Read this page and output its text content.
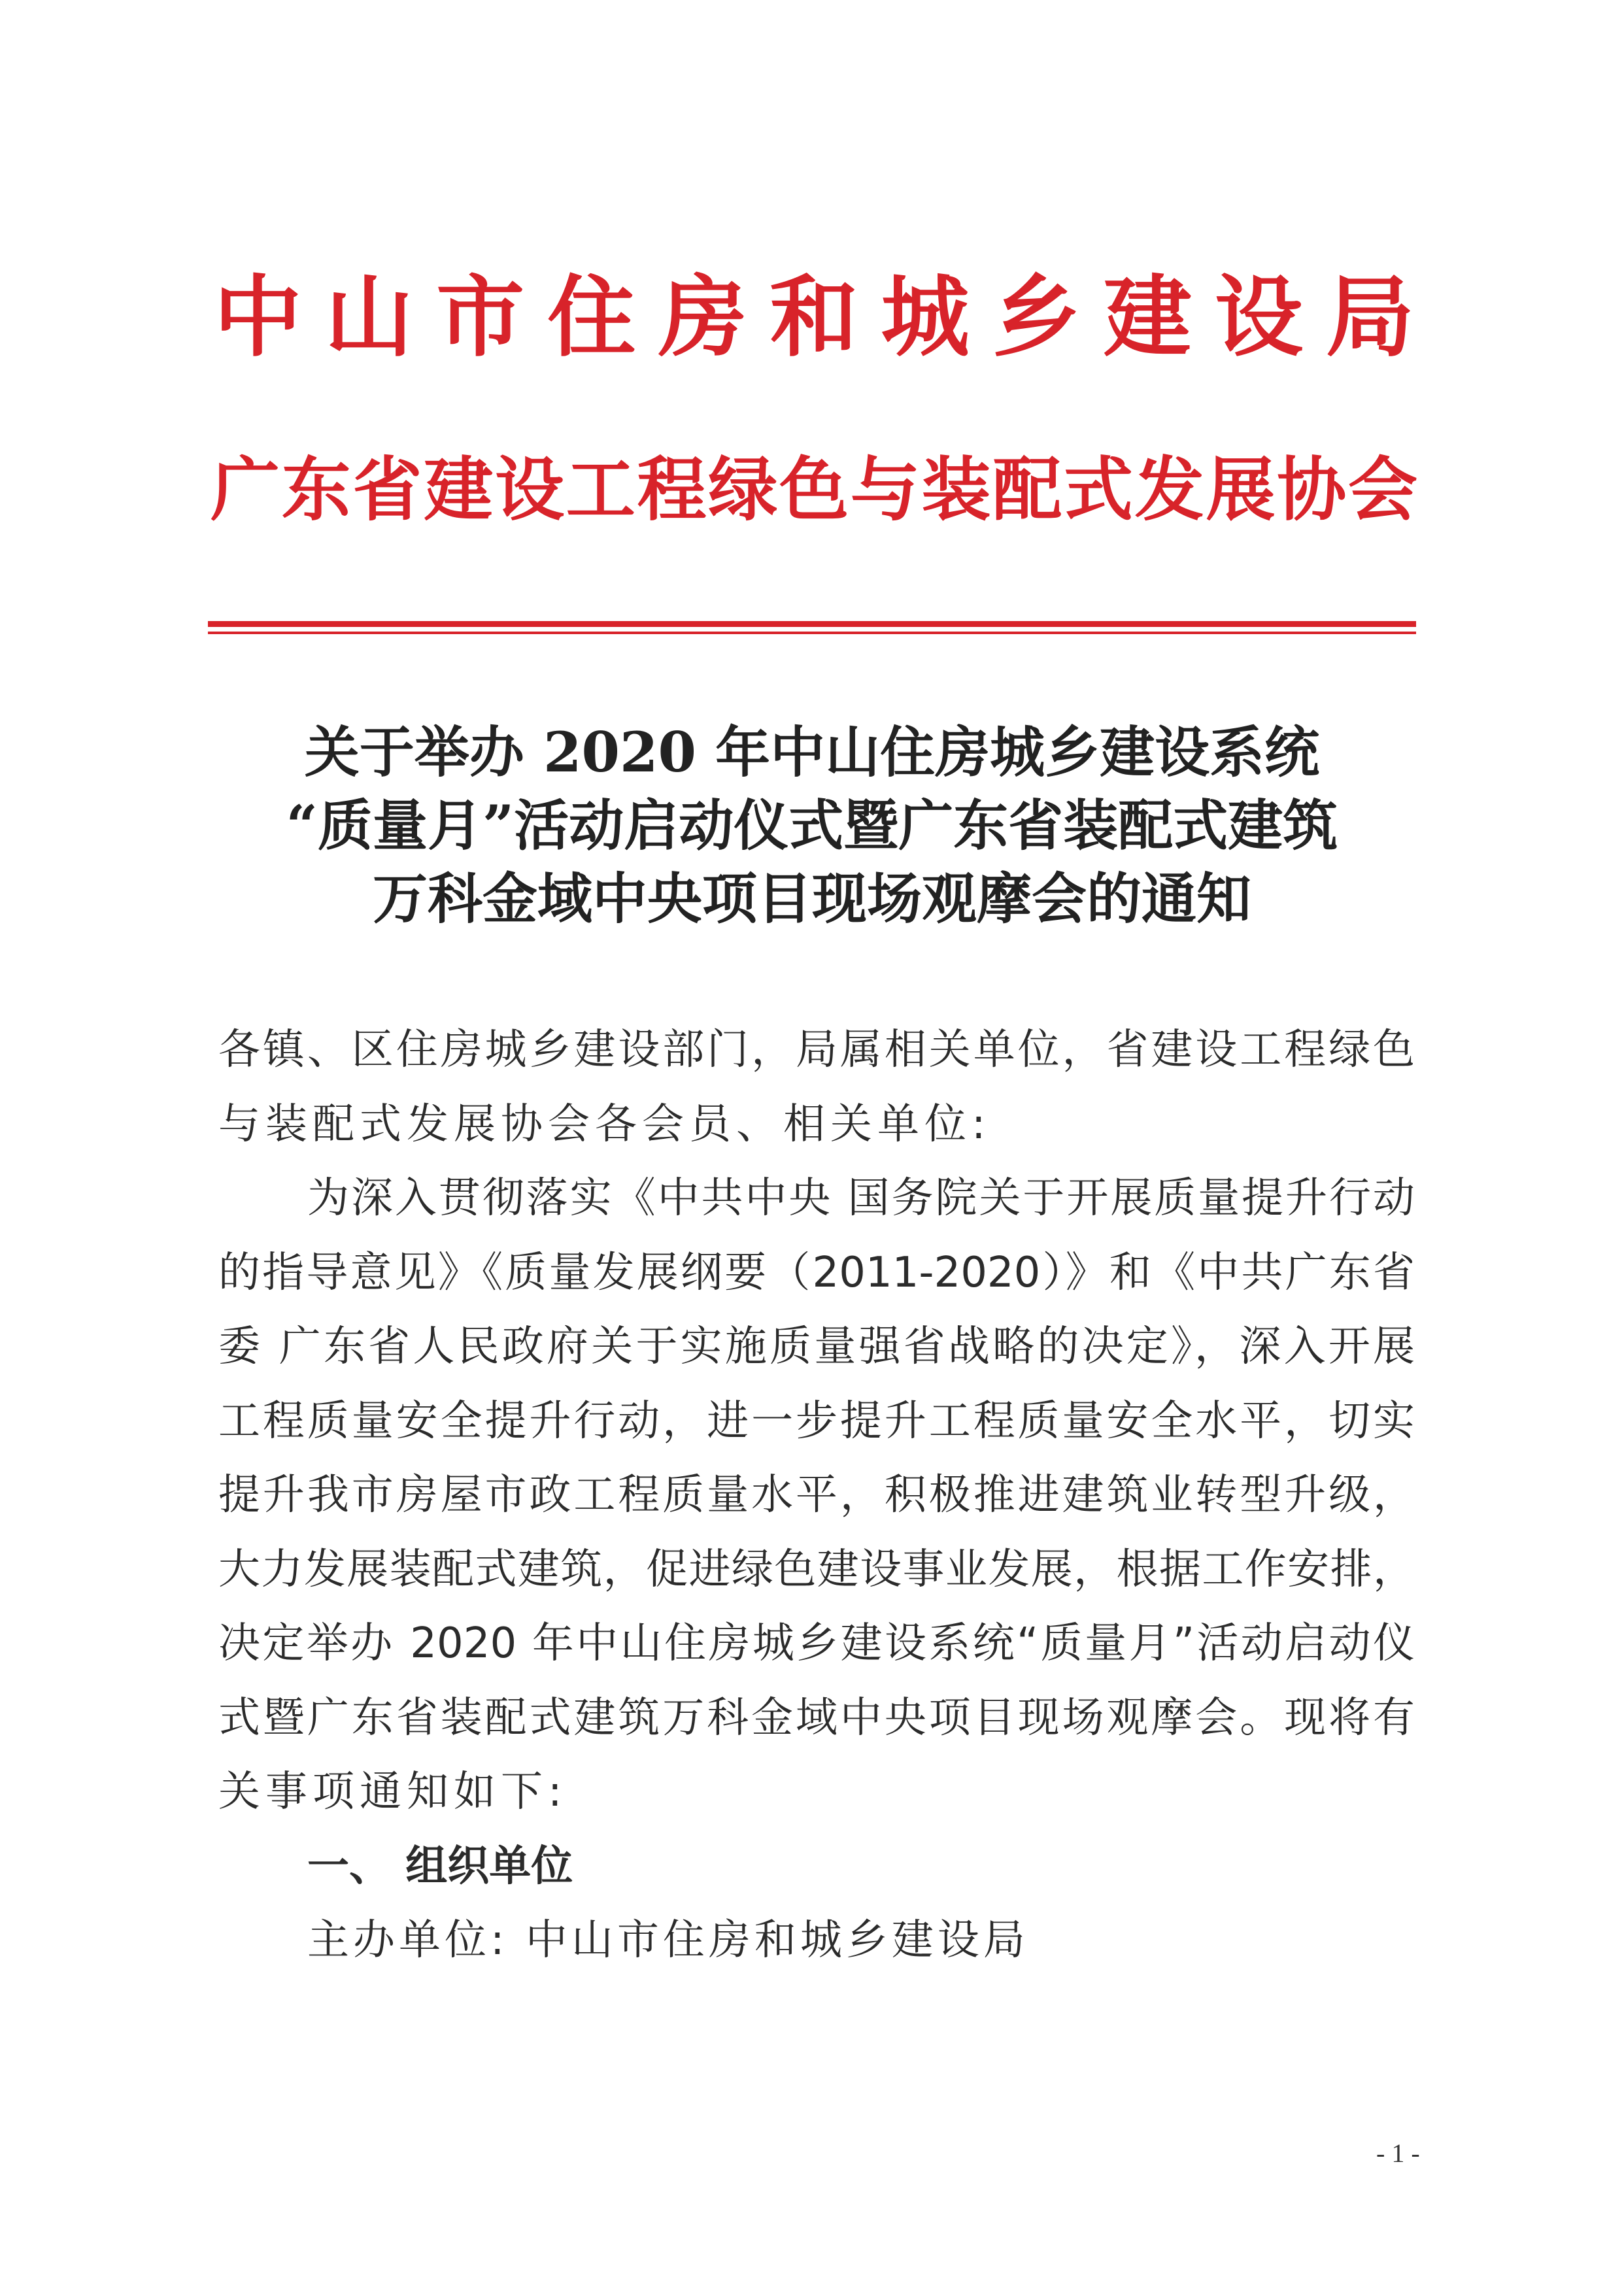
中山市住房和城乡建设局
广东省建设工程绿色与装配式发展协会
关于举办 2020 年中山住房城乡建设系统
“质量月”活动启动仪式暨广东省装配式建筑
万科金域中央项目现场观摩会的通知
各镇、区住房城乡建设部门，局属相关单位，省建设工程绿色
与装配式发展协会各会员、相关单位:
为深入贯彻落实《中共中央 国务院关于开展质量提升行动
的指导意见》《质量发展纲要（2011-2020）》和《中共广东省
委 广东省人民政府关于实施质量强省战略的决定》，深入开展
工程质量安全提升行动，进一步提升工程质量安全水平，切实
提升我市房屋市政工程质量水平，积极推进建筑业转型升级，
大力发展装配式建筑，促进绿色建设事业发展，根据工作安排，
决定举办 2020 年中山住房城乡建设系统“质量月”活动启动仪
式暨广东省装配式建筑万科金域中央项目现场观摩会。现将有
关事项通知如下:
一、 组织单位
主办单位: 中山市住房和城乡建设局
- 1 -
